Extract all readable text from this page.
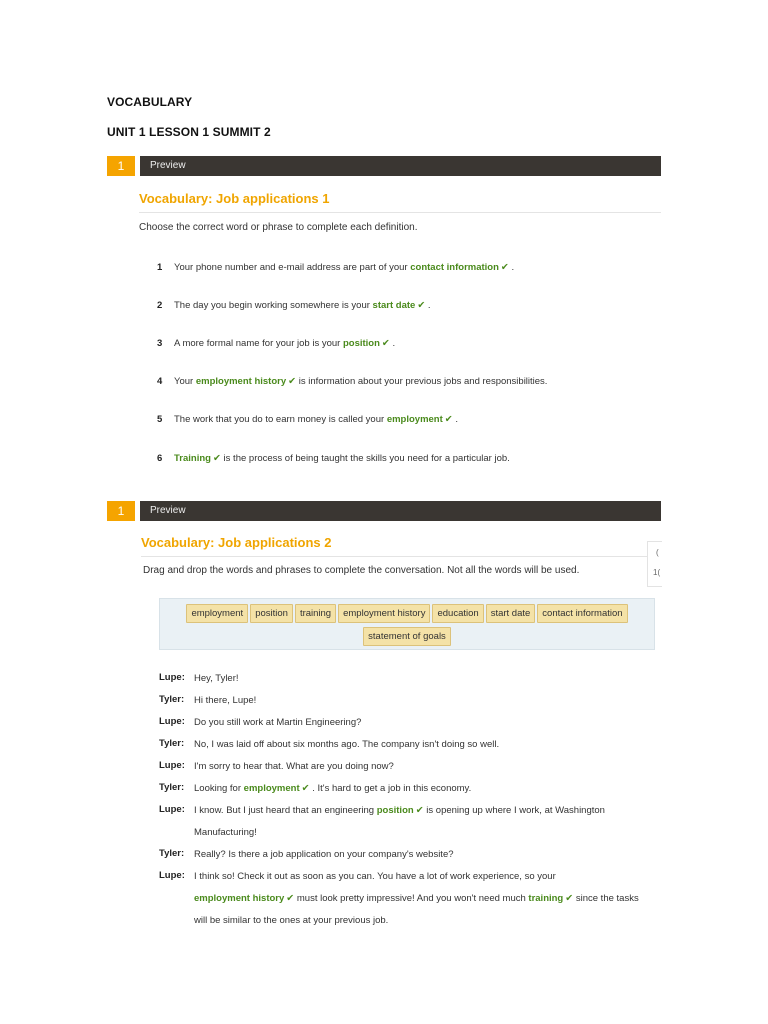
VOCABULARY
UNIT 1 LESSON 1 SUMMIT 2
1	Preview
Vocabulary: Job applications 1
Choose the correct word or phrase to complete each definition.
1 Your phone number and e-mail address are part of your contact information ✔ .
2 The day you begin working somewhere is your start date ✔ .
3 A more formal name for your job is your position ✔ .
4 Your employment history ✔ is information about your previous jobs and responsibilities.
5 The work that you do to earn money is called your employment ✔ .
6 Training ✔ is the process of being taught the skills you need for a particular job.
1	Preview
Vocabulary: Job applications 2
Drag and drop the words and phrases to complete the conversation. Not all the words will be used.
(
1(
employment	position	training	employment history	education	start date	contact information
statement of goals
Lupe: Hey, Tyler!
Tyler: Hi there, Lupe!
Lupe: Do you still work at Martin Engineering?
Tyler: No, I was laid off about six months ago. The company isn't doing so well.
Lupe: I'm sorry to hear that. What are you doing now?
Tyler: Looking for employment ✔ . It's hard to get a job in this economy.
Lupe: I know. But I just heard that an engineering position ✔ is opening up where I work, at Washington
Manufacturing!
Tyler: Really? Is there a job application on your company's website?
Lupe: I think so! Check it out as soon as you can. You have a lot of work experience, so your
employment history ✔ must look pretty impressive! And you won't need much training ✔ since the tasks
will be similar to the ones at your previous job.
